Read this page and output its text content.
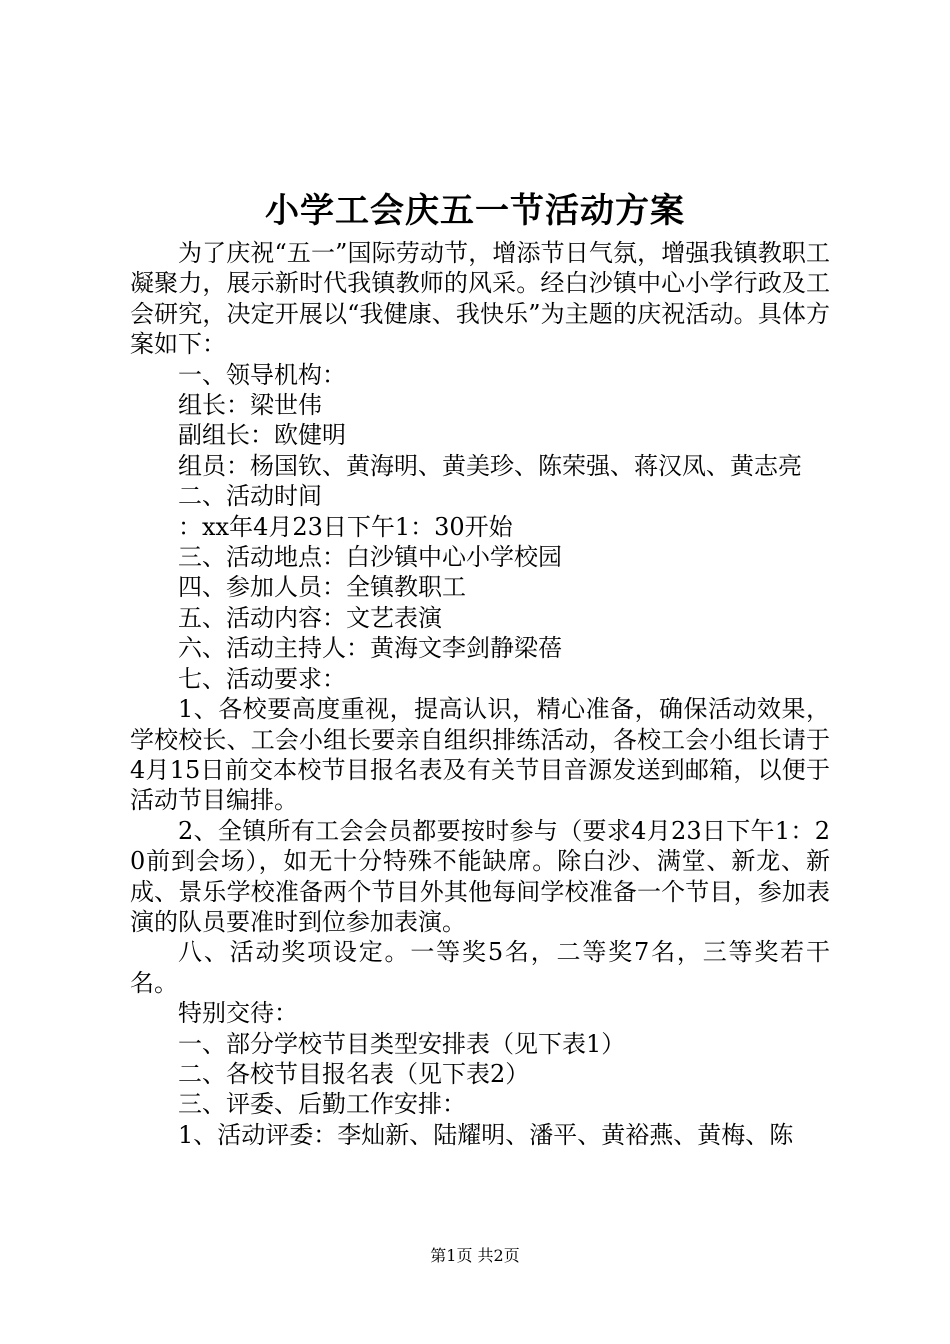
小学工会庆五一节活动方案

为了庆祝“五一”国际劳动节，增添节日气氛，增强我镇教职工凝聚力，展示新时代我镇教师的风采。经白沙镇中心小学行政及工会研究，决定开展以“我健康、我快乐”为主题的庆祝活动。具体方案如下：

一、领导机构：

组长：梁世伟

副组长：欧健明

组员：杨国钦、黄海明、黄美珍、陈荣强、蒋汉凤、黄志亮

二、活动时间

：xx年4月23日下午1：30开始

三、活动地点：白沙镇中心小学校园

四、参加人员：全镇教职工

五、活动内容：文艺表演

六、活动主持人：黄海文李剑静梁蓓

七、活动要求：

1、各校要高度重视，提高认识，精心准备，确保活动效果，学校校长、工会小组长要亲自组织排练活动，各校工会小组长请于4月15日前交本校节目报名表及有关节目音源发送到邮箱，以便于活动节目编排。

2、全镇所有工会会员都要按时参与（要求4月23日下午1：20前到会场），如无十分特殊不能缺席。除白沙、满堂、新龙、新成、景乐学校准备两个节目外其他每间学校准备一个节目，参加表演的队员要准时到位参加表演。

八、活动奖项设定。一等奖5名，二等奖7名，三等奖若干名。

特别交待：

一、部分学校节目类型安排表（见下表1）

二、各校节目报名表（见下表2）

三、评委、后勤工作安排：

1、活动评委：李灿新、陆耀明、潘平、黄裕燕、黄梅、陈

第1页 共2页
